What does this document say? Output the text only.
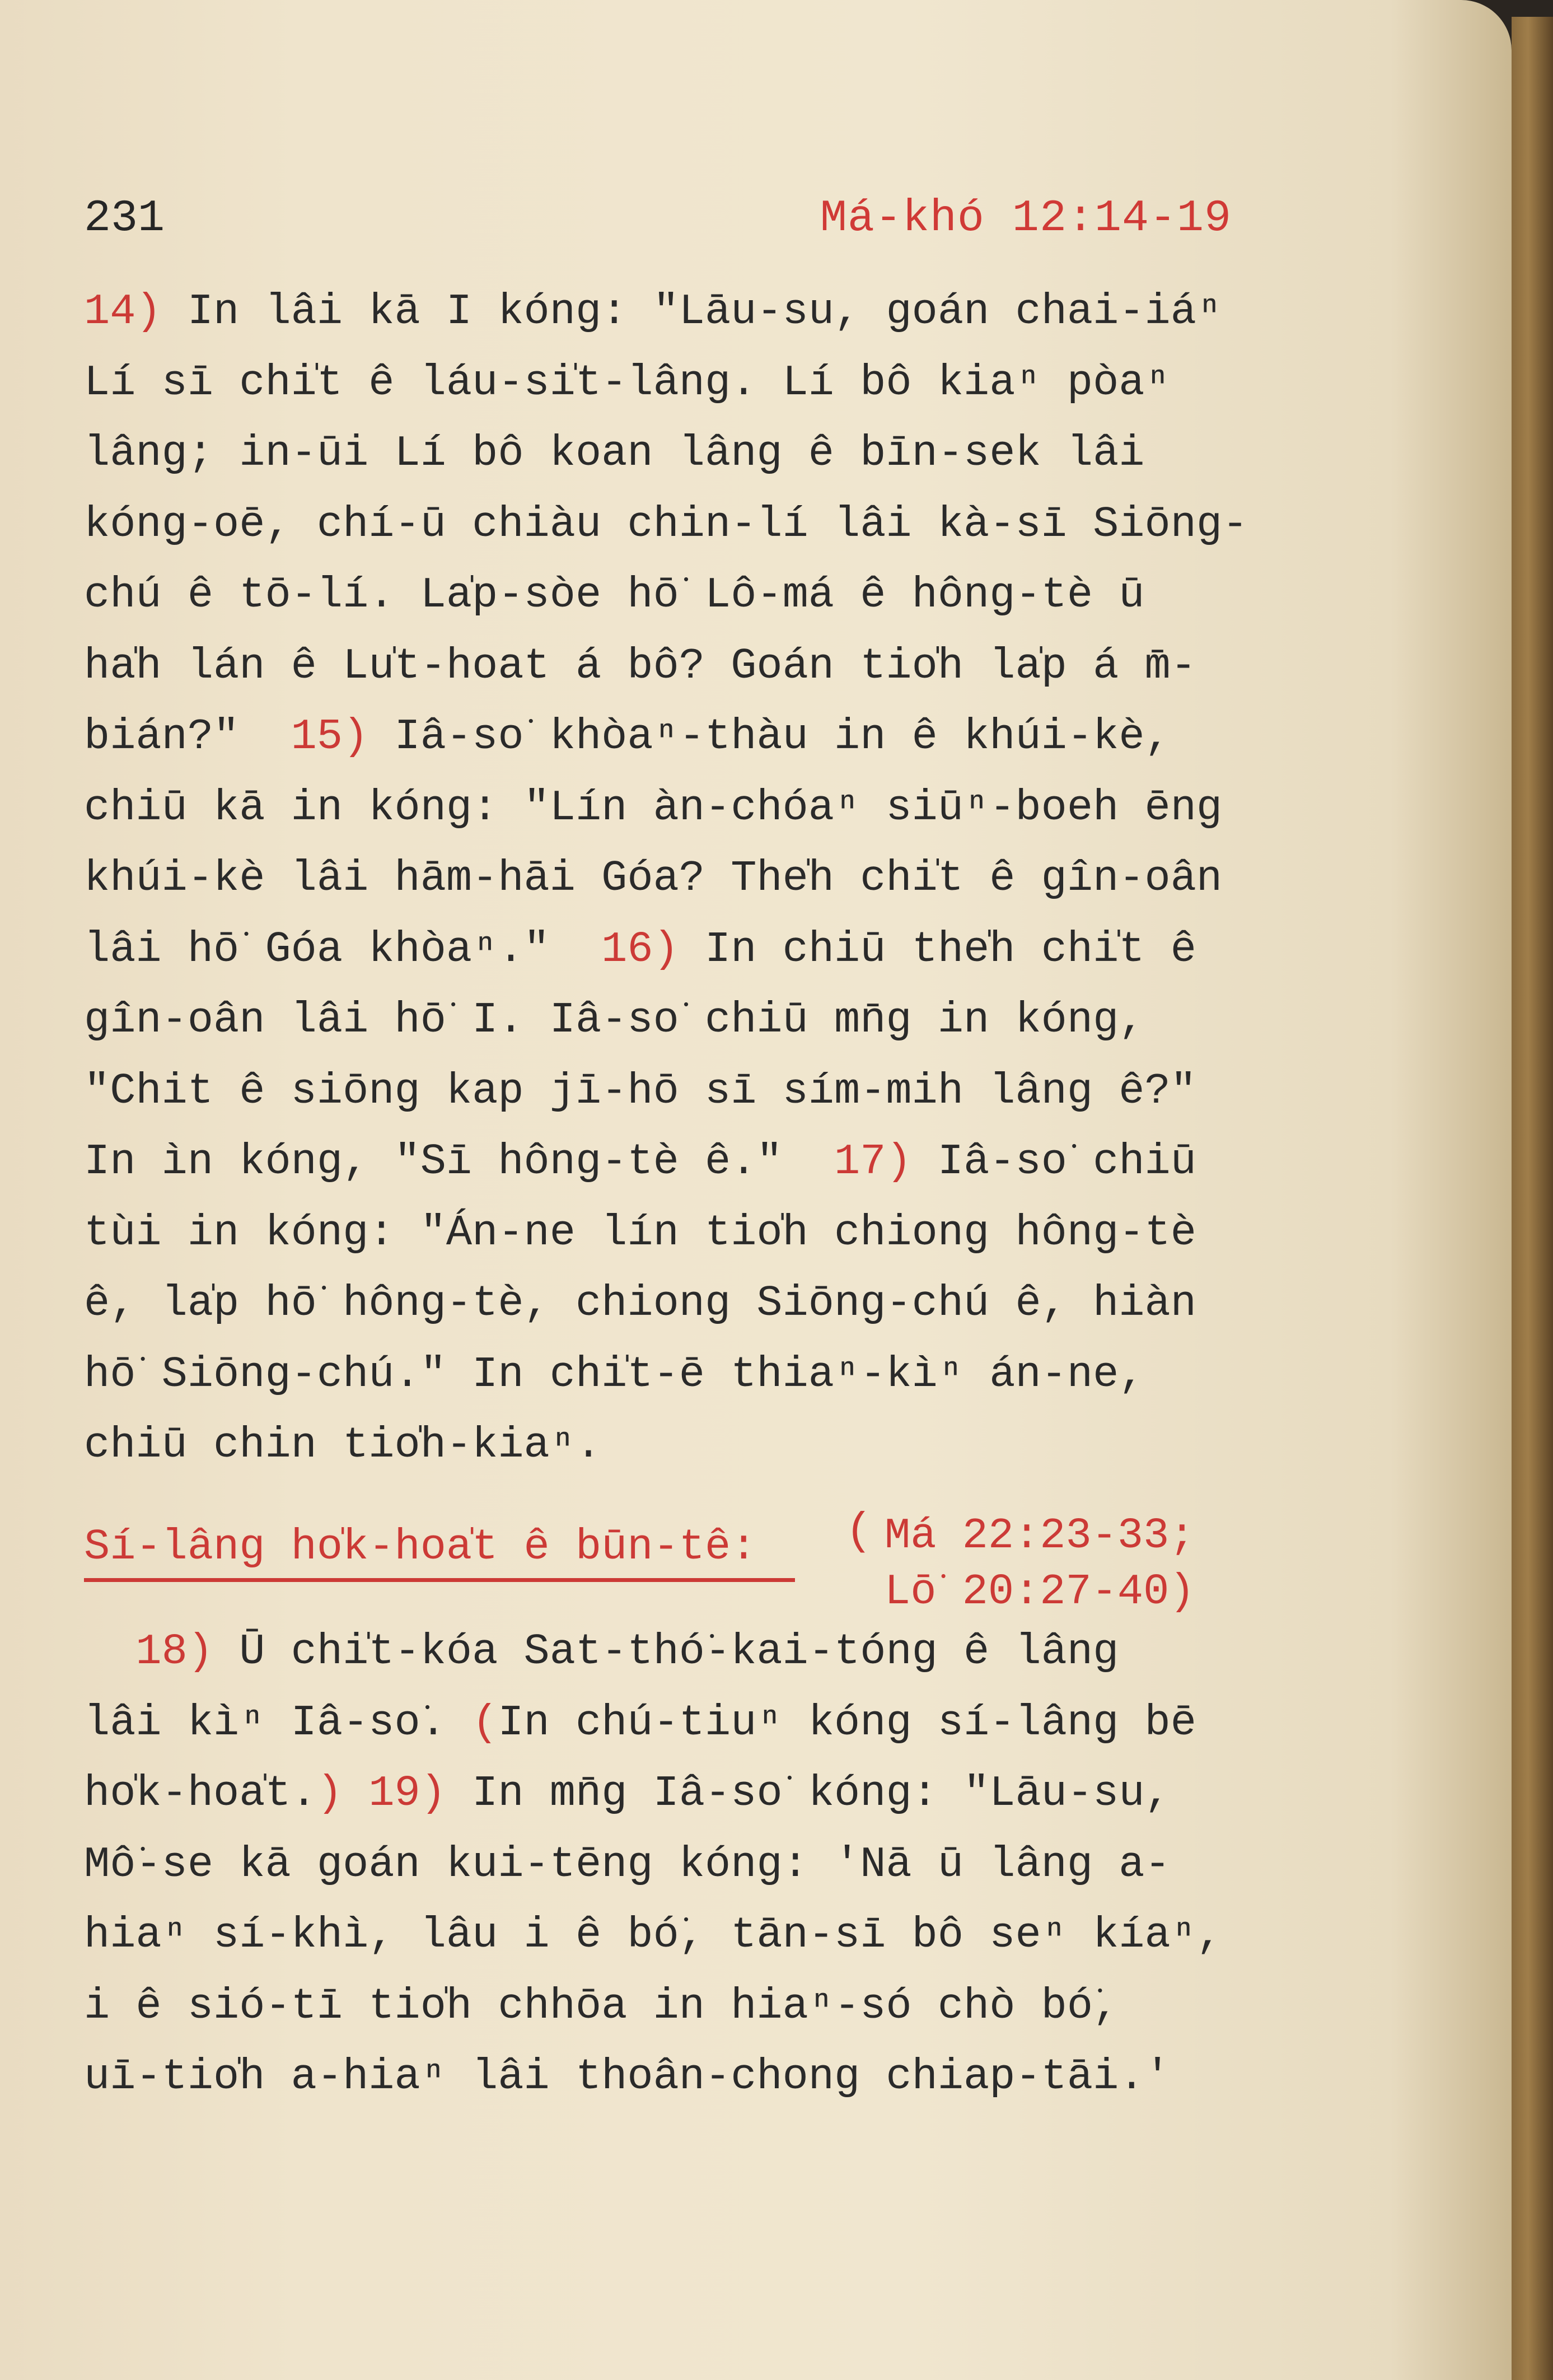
231	Má-khó 12:14-19
14) In lâi kā I kóng: "Lāu-su, goán chai-iáⁿ
Lí sī chi̍t ê láu-si̍t-lâng. Lí bô kiaⁿ pòaⁿ
lâng; in-ūi Lí bô koan lâng ê bīn-sek lâi
kóng-oē, chí-ū chiàu chin-lí lâi kà-sī Siōng-
chú ê tō-lí. La̍p-sòe hō͘ Lô-má ê hông-tè ū
ha̍h lán ê Lu̍t-hoat á bô? Goán tio̍h la̍p á m̄-
bián?"  15) Iâ-so͘ khòaⁿ-thàu in ê khúi-kè,
chiū kā in kóng: "Lín àn-chóaⁿ siūⁿ-boeh ēng
khúi-kè lâi hām-hāi Góa? The̍h chi̍t ê gîn-oân
lâi hō͘ Góa khòaⁿ."  16) In chiū the̍h chi̍t ê
gîn-oân lâi hō͘ I. Iâ-so͘ chiū mn̄g in kóng,
"Chit ê siōng kap jī-hō sī sím-mih lâng ê?"
In ìn kóng, "Sī hông-tè ê."  17) Iâ-so͘ chiū
tùi in kóng: "Án-ne lín tio̍h chiong hông-tè
ê, la̍p hō͘ hông-tè, chiong Siōng-chú ê, hiàn
hō͘ Siōng-chú." In chi̍t-ē thiaⁿ-kìⁿ án-ne,
chiū chin tio̍h-kiaⁿ.
Sí-lâng ho̍k-hoa̍t ê būn-tê: ( Má 22:23-33;
Lō͘ 20:27-40)
18) Ū chi̍t-kóa Sat-thó͘-kai-tóng ê lâng
lâi kìⁿ Iâ-so͘. (In chú-tiuⁿ kóng sí-lâng bē
ho̍k-hoa̍t.) 19) In mn̄g Iâ-so͘ kóng: "Lāu-su,
Mô͘-se kā goán kui-tēng kóng: 'Nā ū lâng a-
hiaⁿ sí-khì, lâu i ê bó͘, tān-sī bô seⁿ kíaⁿ,
i ê sió-tī tio̍h chhōa in hiaⁿ-só chò bó͘,
uī-tio̍h a-hiaⁿ lâi thoân-chong chiap-tāi.'
